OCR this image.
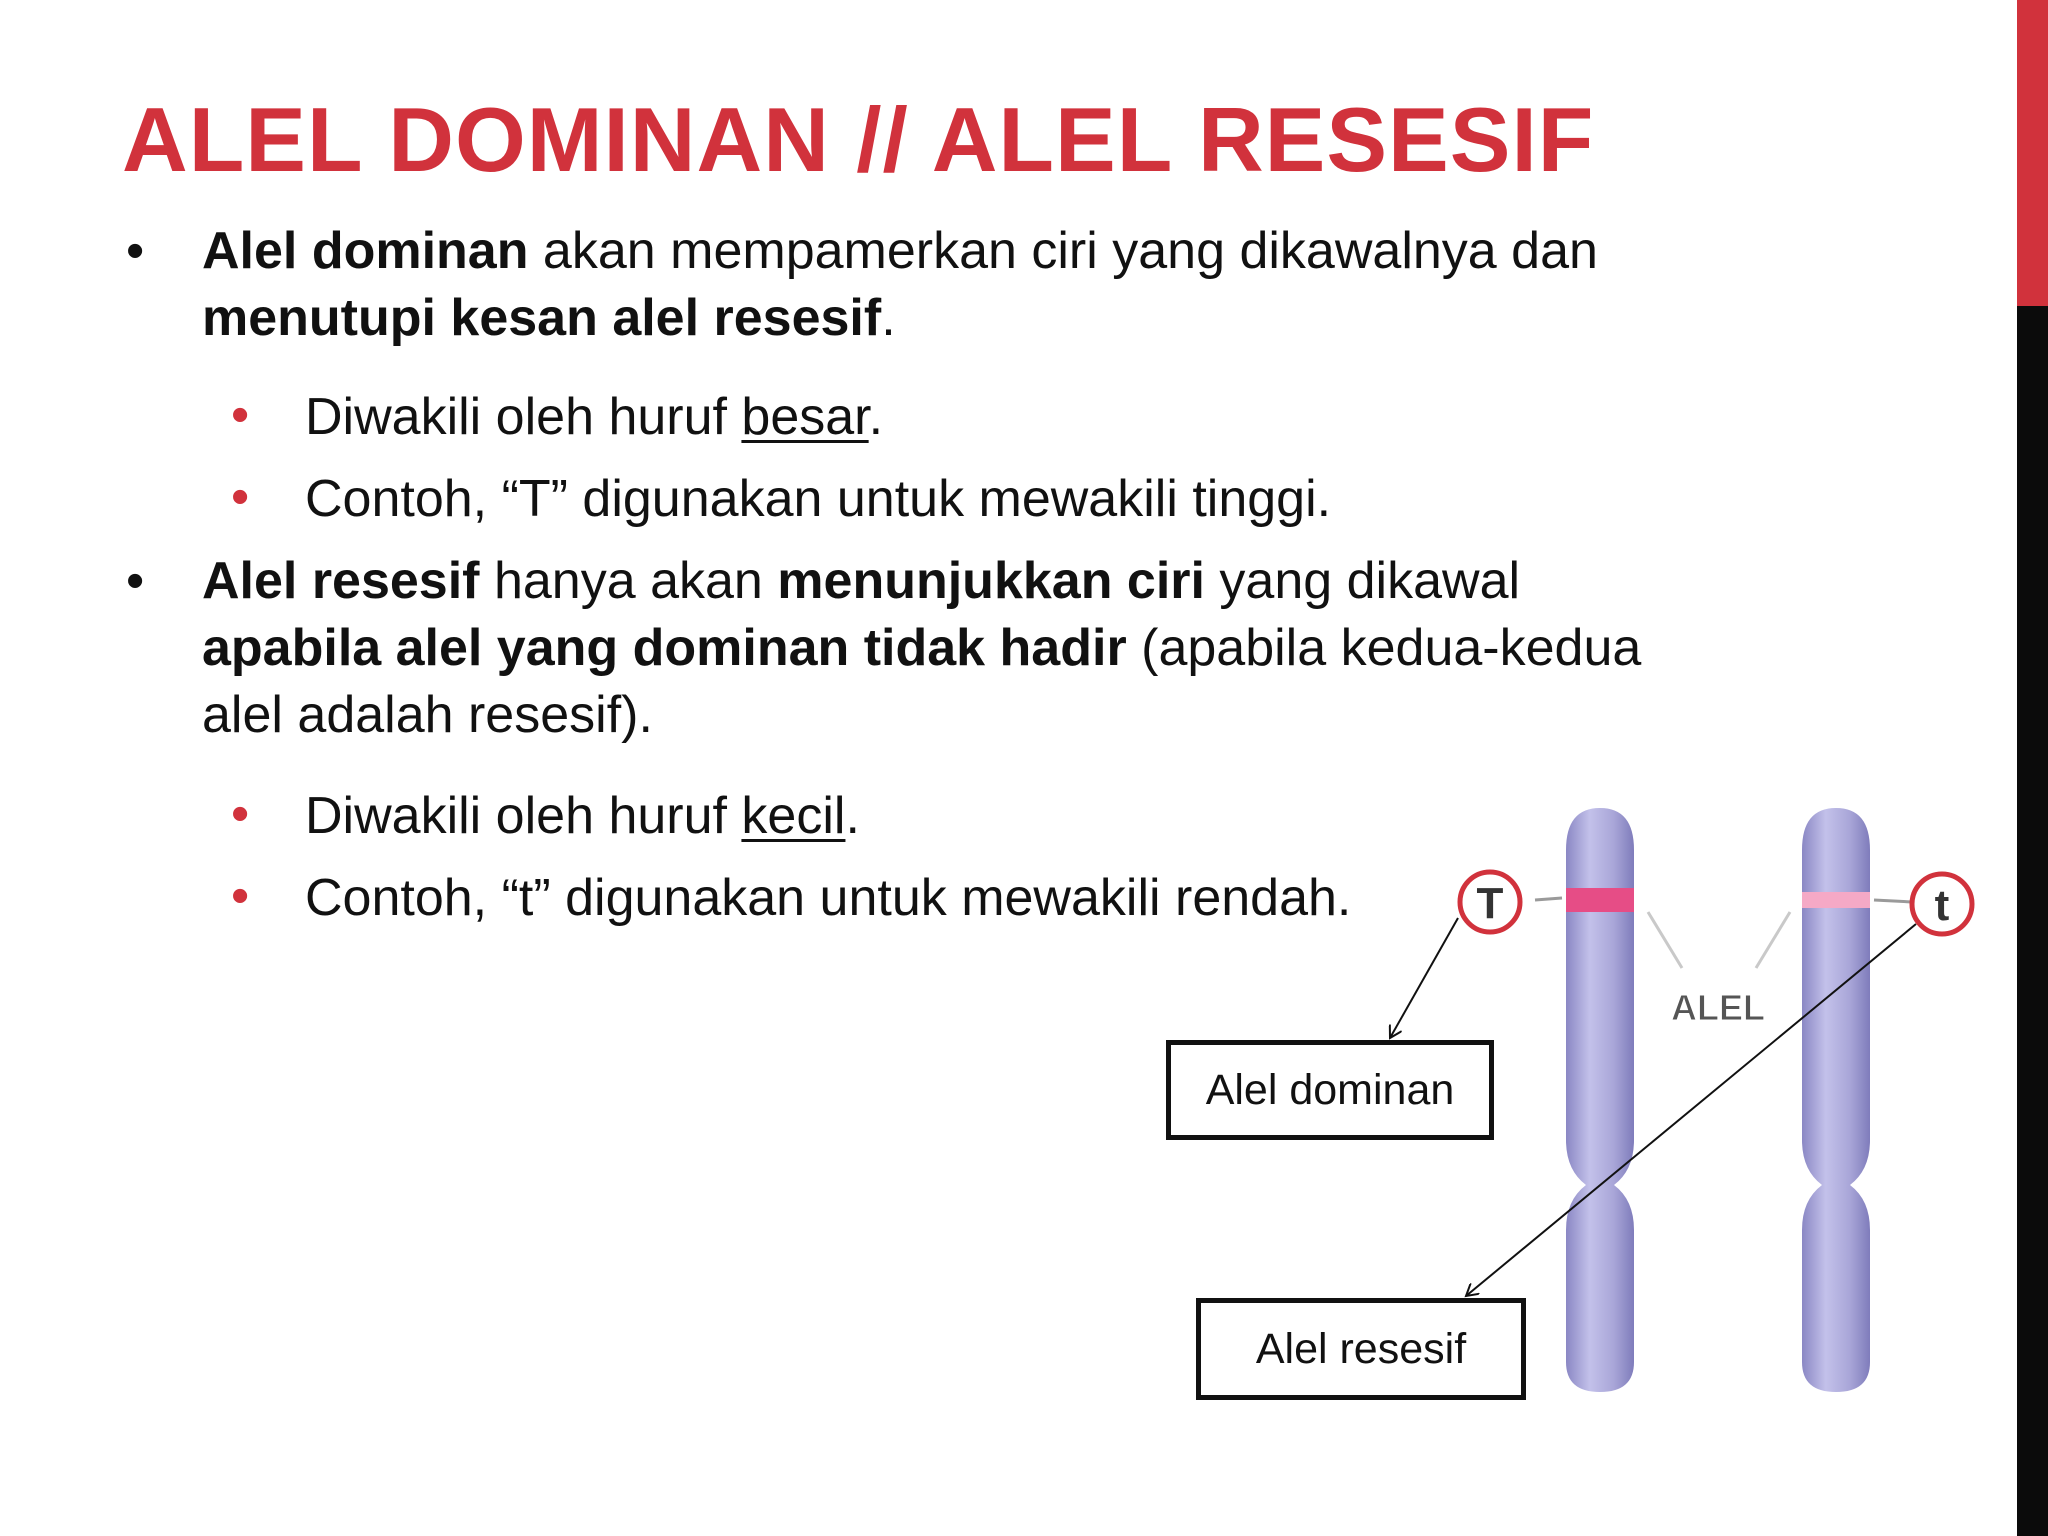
ALEL DOMINAN // ALEL RESESIF
• Alel dominan akan mempamerkan ciri yang dikawalnya dan
menutupi kesan alel resesif.
• Diwakili oleh huruf besar.
• Contoh, “T” digunakan untuk mewakili tinggi.
• Alel resesif hanya akan menunjukkan ciri yang dikawal
apabila alel yang dominan tidak hadir (apabila kedua-kedua
alel adalah resesif).
• Diwakili oleh huruf kecil.
• Contoh, “t” digunakan untuk mewakili rendah.
ALEL
T	t
Alel dominan
Alel resesif
